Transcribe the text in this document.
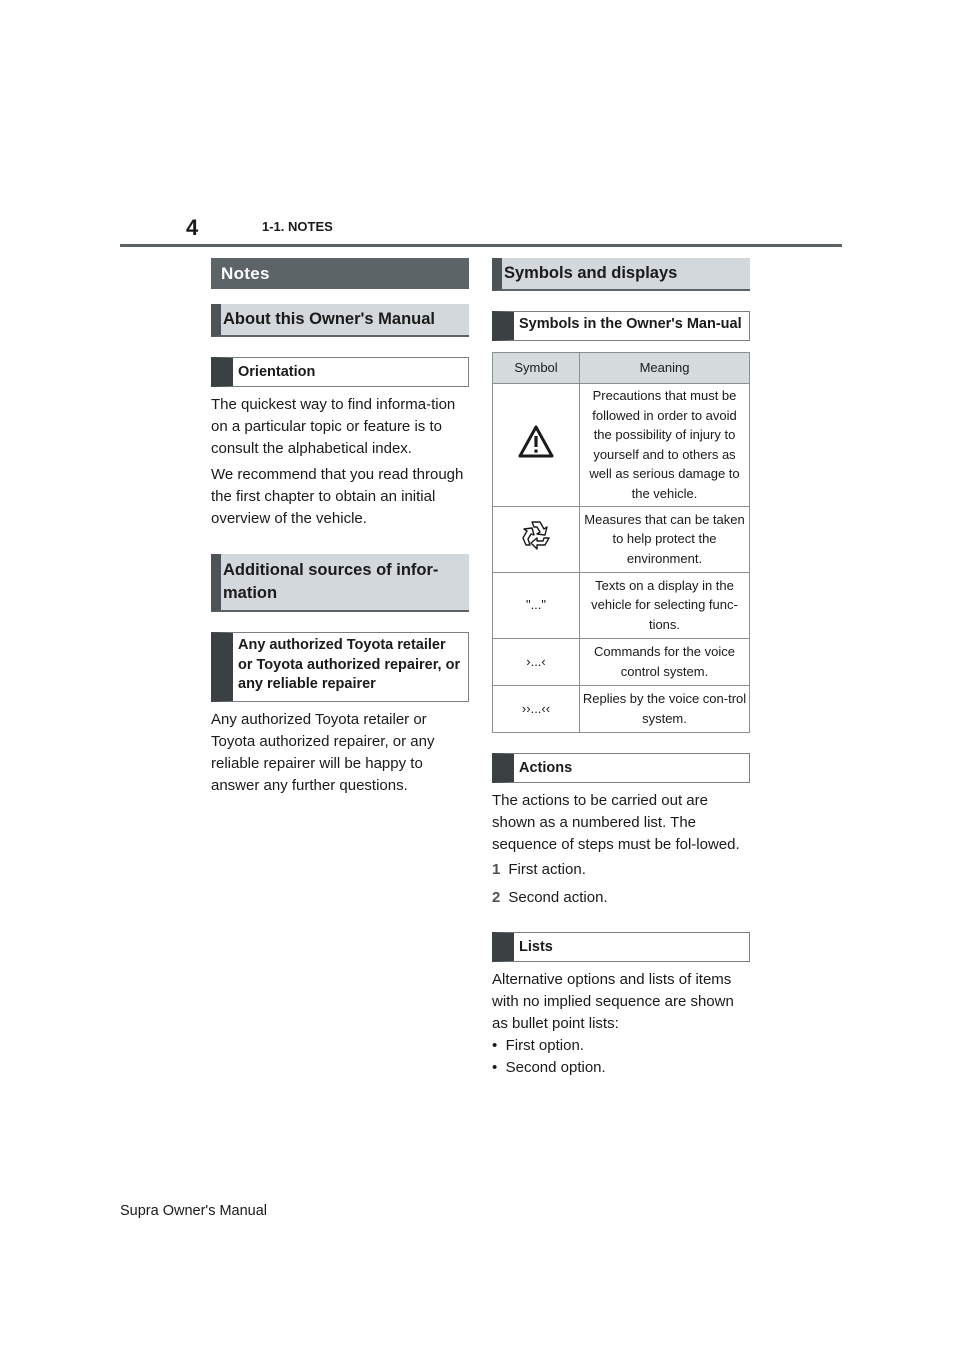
4	1-1. NOTES
Notes
About this Owner's Manual
Orientation

The quickest way to find informa-tion on a particular topic or feature is to consult the alphabetical index.

We recommend that you read through the first chapter to obtain an initial overview of the vehicle.

Additional sources of infor-mation
Any authorized Toyota retailer or Toyota authorized repairer, or any reliable repairer

Any authorized Toyota retailer or Toyota authorized repairer, or any reliable repairer will be happy to answer any further questions.

Symbols and displays
Symbols in the Owner's Man-ual
Symbol	Meaning
	Precautions that must be followed in order to avoid the possibility of injury to yourself and to others as well as serious damage to the vehicle.
	Measures that can be taken to help protect the environment.
"..."	Texts on a display in the vehicle for selecting func-tions.
›...‹	Commands for the voice control system.
››...‹‹	Replies by the voice con-trol system.
Actions

The actions to be carried out are shown as a numbered list. The sequence of steps must be fol-lowed.

1 First action.

2 Second action.

Lists

Alternative options and lists of items with no implied sequence are shown as bullet point lists:

•  First option.

•  Second option.

Supra Owner's Manual
